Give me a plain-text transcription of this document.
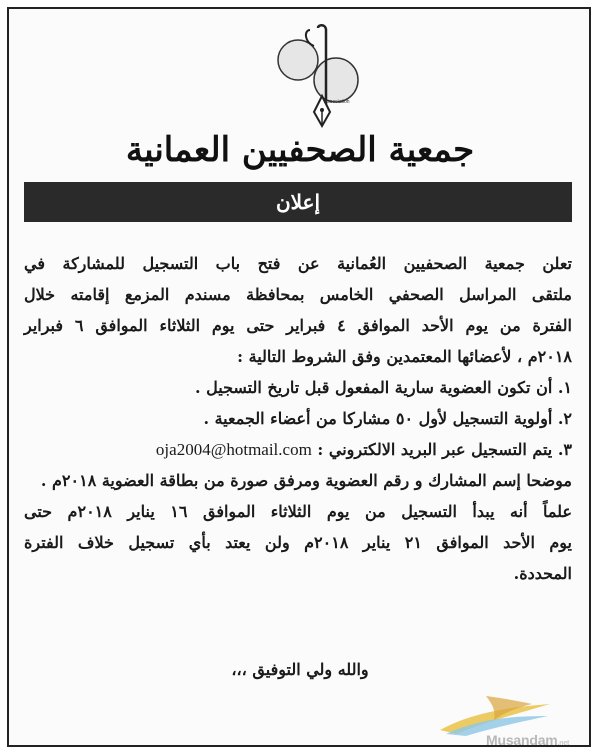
Association
جمعية الصحفيين العمانية
إعلان
تعلن جمعية الصحفيين العُمانية عن فتح باب التسجيل للمشاركة في
ملتقى المراسل الصحفي الخامس بمحافظة مسندم المزمع إقامته خلال
الفترة من يوم الأحد الموافق ٤ فبراير حتى يوم الثلاثاء الموافق ٦ فبراير
٢٠١٨م ، لأعضائها المعتمدين وفق الشروط التالية :
١. أن تكون العضوية سارية المفعول قبل تاريخ التسجيل .
٢. أولوية التسجيل لأول ٥٠ مشاركا من أعضاء الجمعية .
٣. يتم التسجيل عبر البريد الالكتروني : oja2004@hotmail.com
موضحا إسم المشارك و رقم العضوية ومرفق صورة من بطاقة العضوية ٢٠١٨م .
علماً أنه يبدأ التسجيل من يوم الثلاثاء الموافق ١٦ يناير ٢٠١٨م حتى
يوم الأحد الموافق ٢١ يناير ٢٠١٨م ولن يعتد بأي تسجيل خلاف الفترة
المحددة.
والله ولي التوفيق ،،،
Musandam.net
